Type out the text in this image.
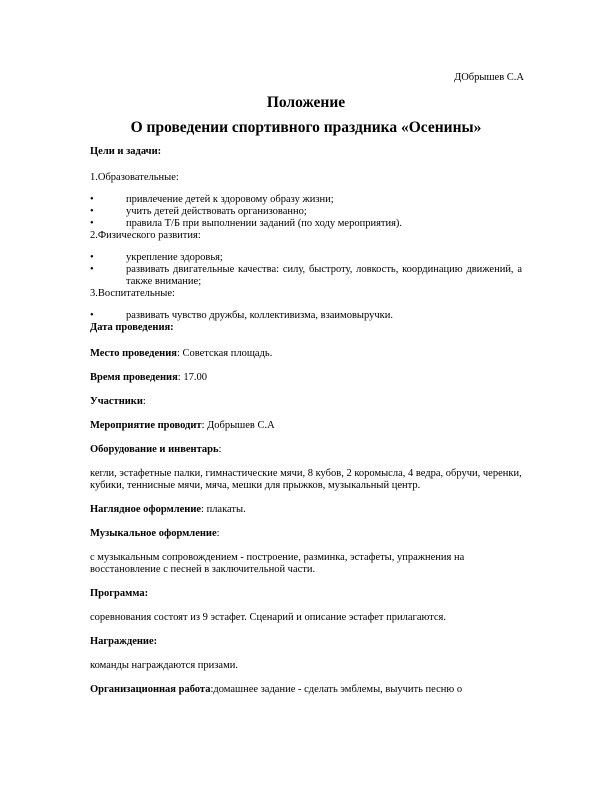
ДОбрышев С.А
Положение
О проведении спортивного праздника «Осенины»

Цели и задачи:

1.Образовательные:

•	привлечение детей к здоровому образу жизни;
•	учить детей действовать организованно;
•	правила Т/Б при выполнении заданий (по ходу мероприятия).

2.Физического развития:

•	укрепление здоровья;
•	развивать двигательные качества: силу, быстроту, ловкость, координацию движений, а также внимание;

3.Воспитательные:

•	развивать чувство дружбы, коллективизма, взаимовыручки.

Дата проведения:

Место проведения: Советская площадь.

Время проведения: 17.00

Участники:

Мероприятие проводит: Добрышев С.А

Оборудование и инвентарь:

кегли, эстафетные палки, гимнастические мячи, 8 кубов, 2 коромысла, 4 ведра, обручи, черенки, кубики, теннисные мячи, мяча, мешки для прыжков, музыкальный центр.

Наглядное оформление: плакаты.

Музыкальное оформление:

с музыкальным сопровождением - построение, разминка, эстафеты, упражнения на восстановление с песней в заключительной части.

Программа:

соревнования состоят из 9 эстафет. Сценарий и описание эстафет прилагаются.

Награждение:

команды награждаются призами.

Организационная работа:домашнее задание - сделать эмблемы, выучить песню о
